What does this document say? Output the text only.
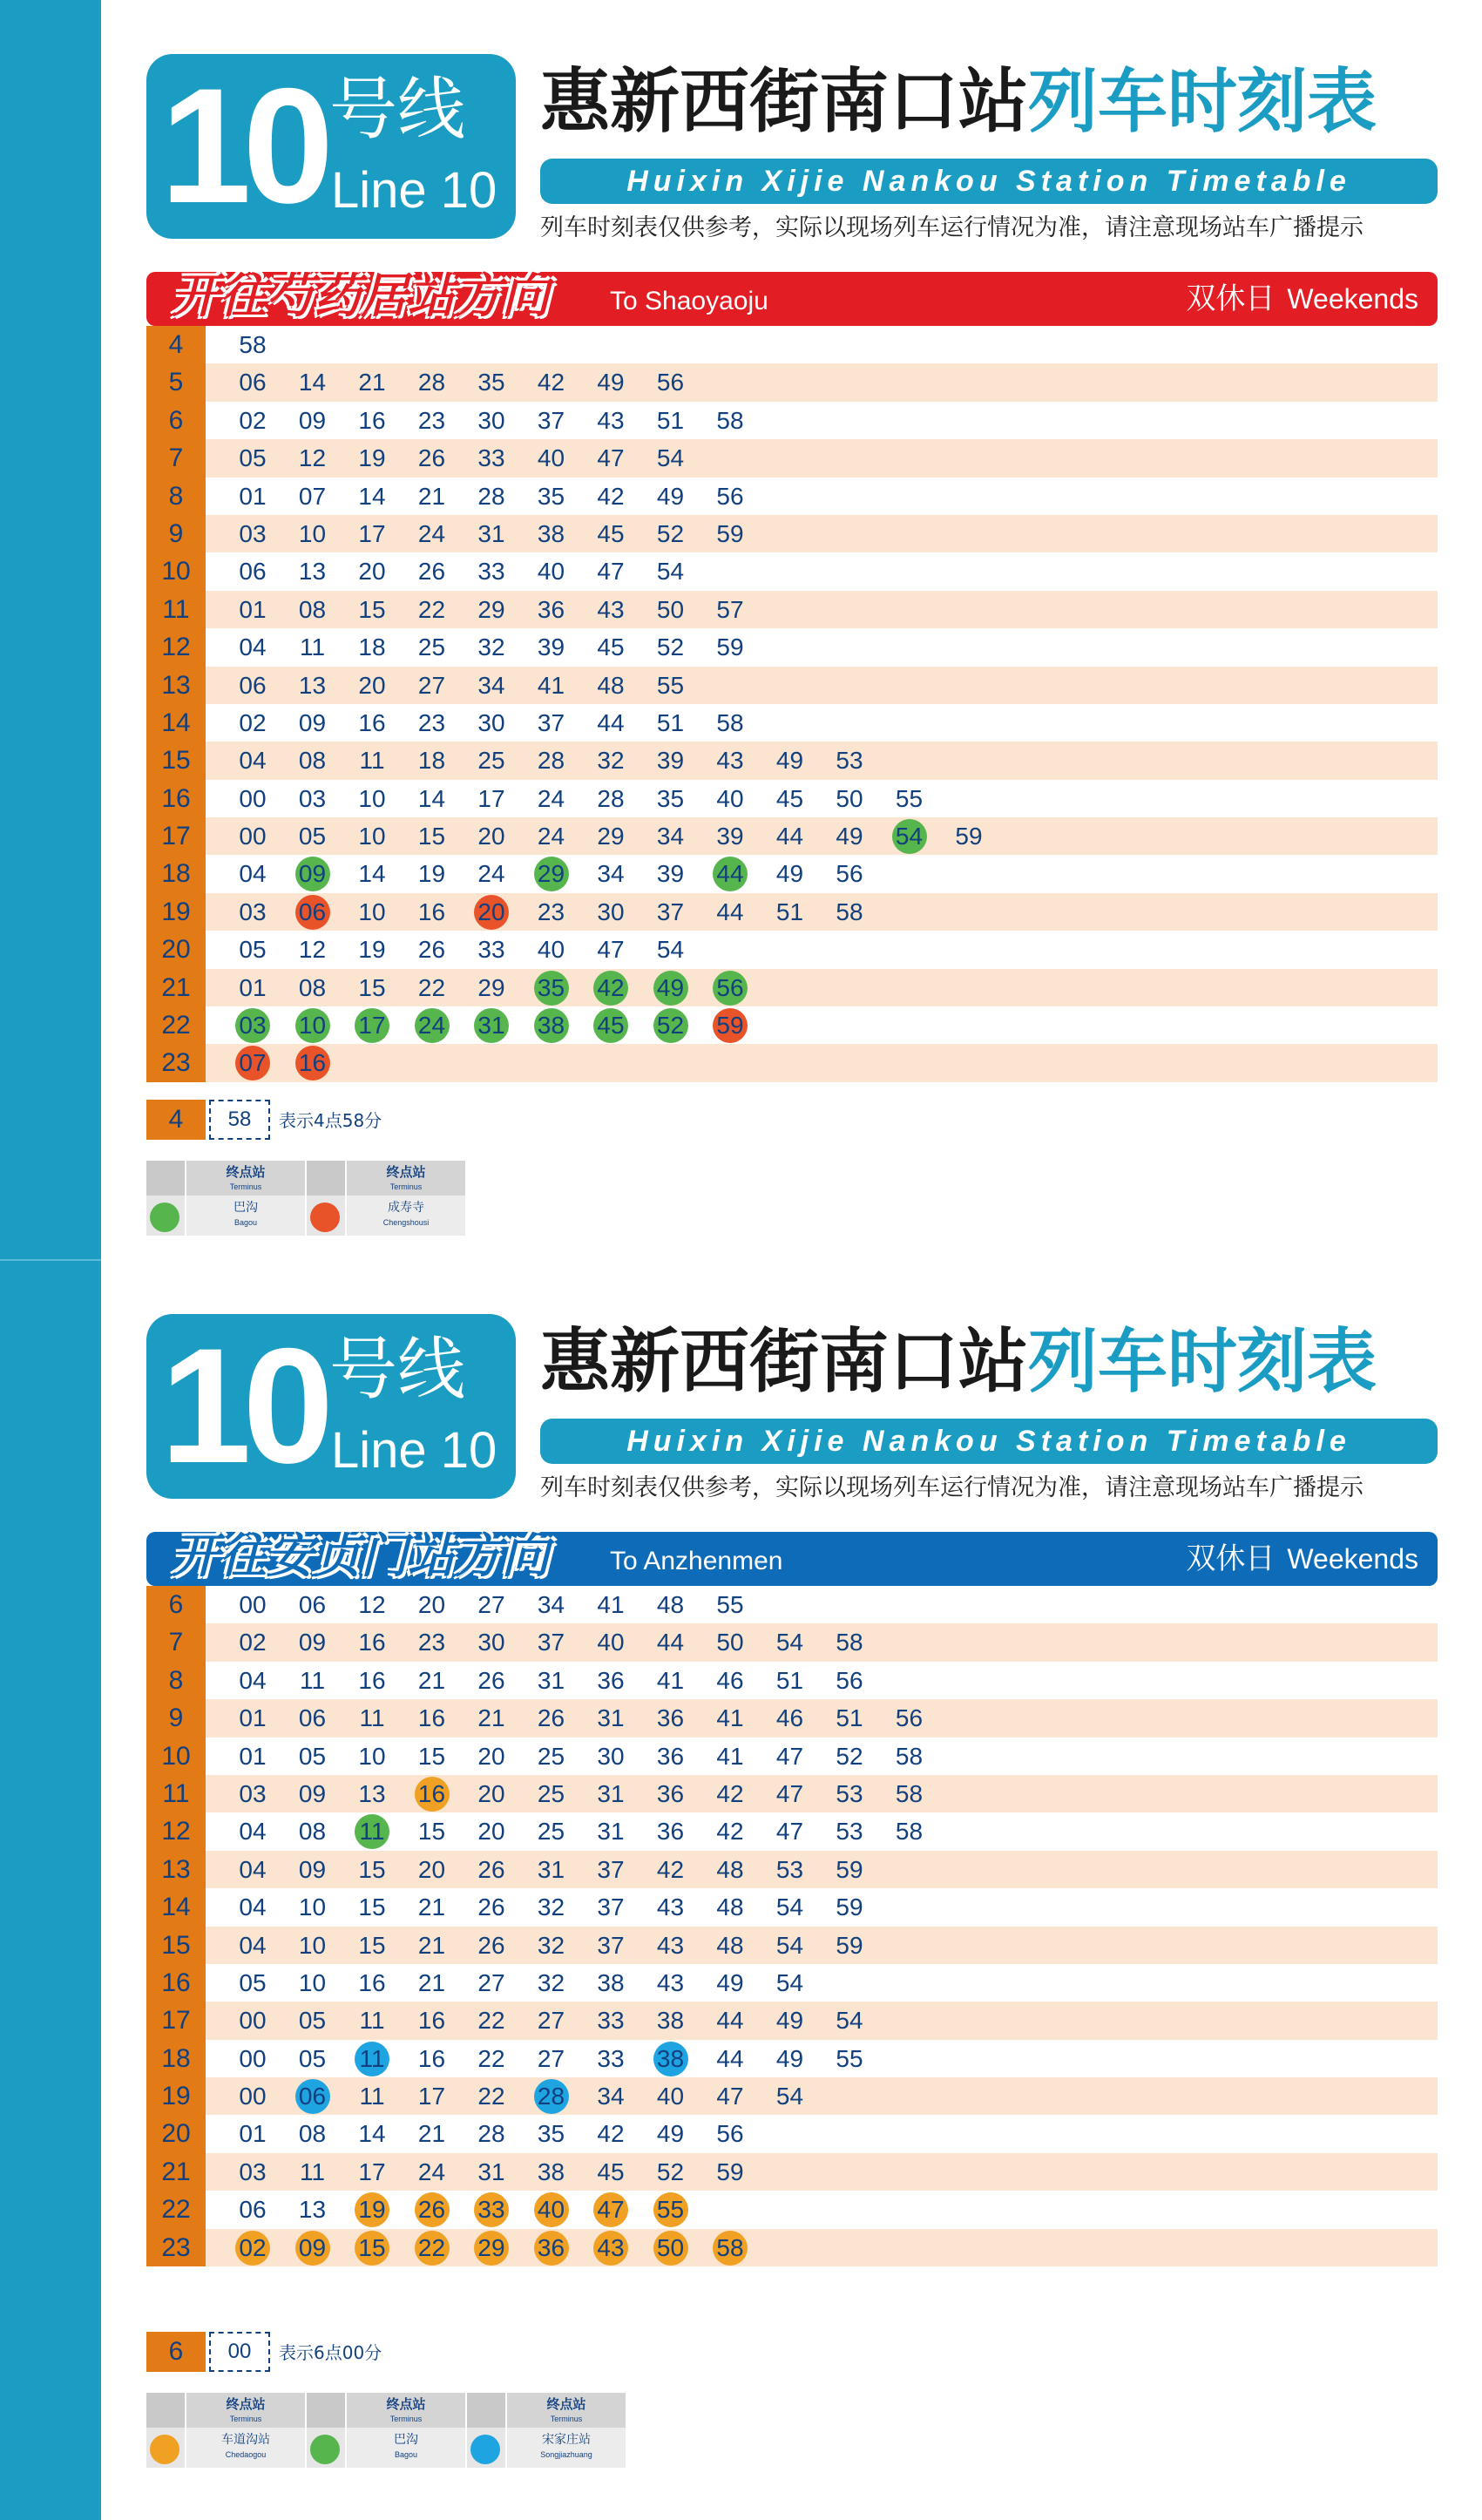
10 号线
Line 10
惠新西街南口站列车时刻表
Huixin Xijie Nankou Station Timetable
列车时刻表仅供参考，实际以现场列车运行情况为准，请注意现场站车广播提示
开往芍药居站方向 To Shaoyaoju	双休日 Weekends
4	58
5	06	14	21	28	35	42	49	56
6	02	09	16	23	30	37	43	51	58
7	05	12	19	26	33	40	47	54
8	01	07	14	21	28	35	42	49	56
9	03	10	17	24	31	38	45	52	59
10	06	13	20	26	33	40	47	54
11	01	08	15	22	29	36	43	50	57
12	04	11	18	25	32	39	45	52	59
13	06	13	20	27	34	41	48	55
14	02	09	16	23	30	37	44	51	58
15	04	08	11	18	25	28	32	39	43	49	53
16	00	03	10	14	17	24	28	35	40	45	50	55
17	00	05	10	15	20	24	29	34	39	44	49	54	59
18	04	09	14	19	24	29	34	39	44	49	56
19	03	06	10	16	20	23	30	37	44	51	58
20	05	12	19	26	33	40	47	54
21	01	08	15	22	29	35	42	49	56
22	03	10	17	24	31	38	45	52	59
23	07	16
4	58	表示4点58分
终点站
Terminus
巴沟
Bagou
终点站
Terminus
成寿寺
Chengshousi
10 号线
Line 10
惠新西街南口站列车时刻表
Huixin Xijie Nankou Station Timetable
列车时刻表仅供参考，实际以现场列车运行情况为准，请注意现场站车广播提示
开往安贞门站方向 To Anzhenmen	双休日 Weekends
6	00	06	12	20	27	34	41	48	55
7	02	09	16	23	30	37	40	44	50	54	58
8	04	11	16	21	26	31	36	41	46	51	56
9	01	06	11	16	21	26	31	36	41	46	51	56
10	01	05	10	15	20	25	30	36	41	47	52	58
11	03	09	13	16	20	25	31	36	42	47	53	58
12	04	08	11	15	20	25	31	36	42	47	53	58
13	04	09	15	20	26	31	37	42	48	53	59
14	04	10	15	21	26	32	37	43	48	54	59
15	04	10	15	21	26	32	37	43	48	54	59
16	05	10	16	21	27	32	38	43	49	54
17	00	05	11	16	22	27	33	38	44	49	54
18	00	05	11	16	22	27	33	38	44	49	55
19	00	06	11	17	22	28	34	40	47	54
20	01	08	14	21	28	35	42	49	56
21	03	11	17	24	31	38	45	52	59
22	06	13	19	26	33	40	47	55
23	02	09	15	22	29	36	43	50	58
6	00	表示6点00分
终点站
Terminus
车道沟站
Chedaogou
终点站
Terminus
巴沟
Bagou
终点站
Terminus
宋家庄站
Songjiazhuang
